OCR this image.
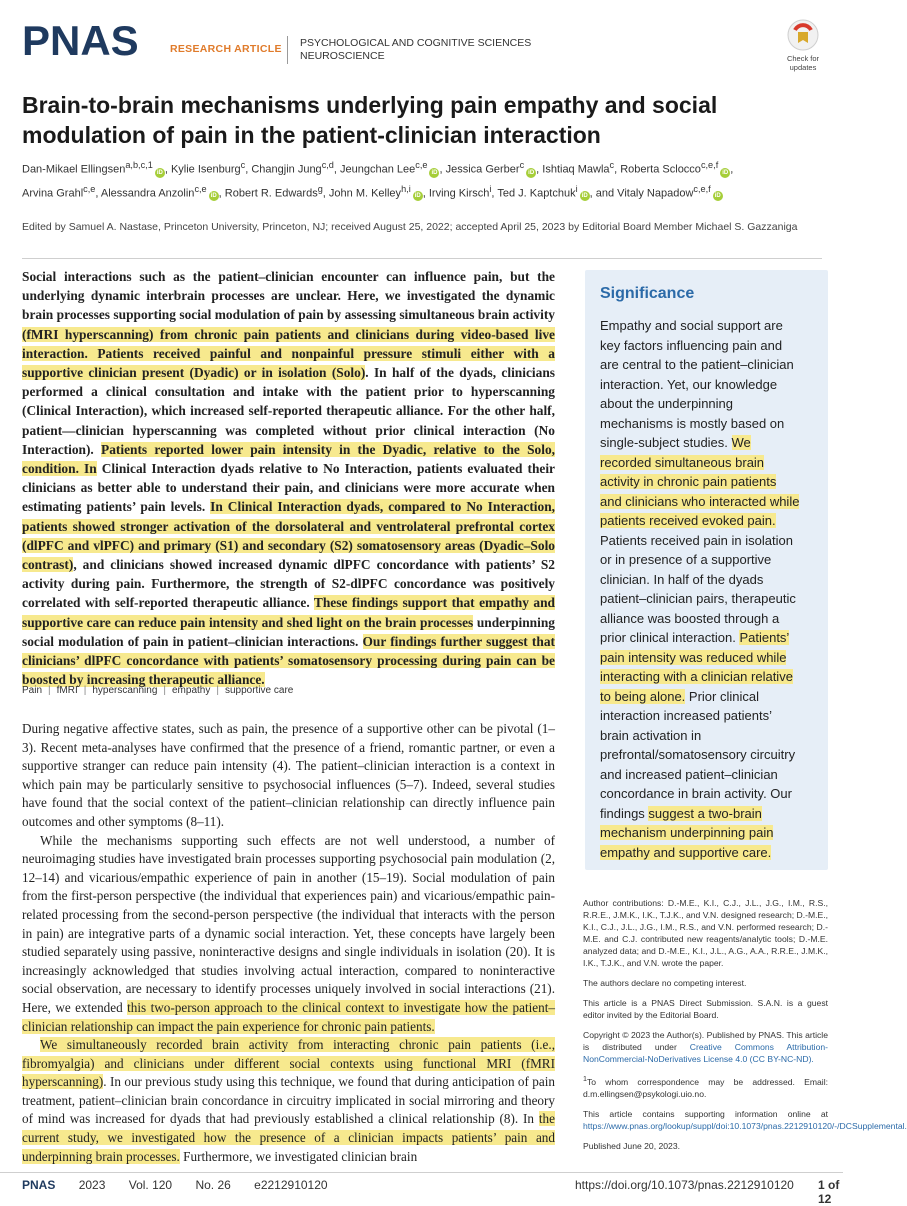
PNAS	RESEARCH ARTICLE PSYCHOLOGICAL AND COGNITIVE SCIENCES
NEUROSCIENCE	Check for
updates
Brain-to-brain mechanisms underlying pain empathy and social
modulation of pain in the patient-clinician interaction
Dan-Mikael Ellingsen$^{a,b,c,1}$iD , Kylie Isenburg$^c$, Changjin Jung$^{c,d}$, Jeungchan Lee$^{c,e}$iD , Jessica Gerber$^c$iD , Ishtiaq Mawla$^c$, Roberta Sclocco$^{c,e,f}$iD ,
Arvina Grahl$^{c,e}$, Alessandra Anzolin$^{c,e}$iD , Robert R. Edwards$^g$, John M. Kelley$^{h,i}$iD , Irving Kirsch$^i$, Ted J. Kaptchuk$^i$iD , and Vitaly Napadow$^{c,e,f}$iD
Edited by Samuel A. Nastase, Princeton University, Princeton, NJ; received August 25, 2022; accepted April 25, 2023 by Editorial Board Member Michael S. Gazzaniga
Social interactions such as the patient–clinician encounter can influence pain, but the underlying dynamic interbrain processes are unclear. Here, we investigated the dynamic brain processes supporting social modulation of pain by assessing simultaneous brain activity (fMRI hyperscanning) from chronic pain patients and clinicians during video-based live interaction. Patients received painful and nonpainful pressure stimuli either with a supportive clinician present (Dyadic) or in isolation (Solo). In half of the dyads, clinicians performed a clinical consultation and intake with the patient prior to hyperscanning (Clinical Interaction), which increased self-reported therapeutic alliance. For the other half, patient—clinician hyperscanning was completed without prior clinical interaction (No Interaction). Patients reported lower pain intensity in the Dyadic, relative to the Solo, condition. In Clinical Interaction dyads relative to No Interaction, patients evaluated their clinicians as better able to understand their pain, and clinicians were more accurate when estimating patients’ pain levels. In Clinical Interaction dyads, compared to No Interaction, patients showed stronger activation of the dorsolateral and ventrolateral prefrontal cortex (dlPFC and vlPFC) and primary (S1) and secondary (S2) somatosensory areas (Dyadic–Solo contrast), and clinicians showed increased dynamic dlPFC concordance with patients’ S2 activity during pain. Furthermore, the strength of S2-dlPFC concordance was positively correlated with self-reported therapeutic alliance. These findings support that empathy and supportive care can reduce pain intensity and shed light on the brain processes underpinning social modulation of pain in patient–clinician interactions. Our findings further suggest that clinicians’ dlPFC concordance with patients’ somatosensory processing during pain can be boosted by increasing therapeutic alliance.
Pain | fMRI | hyperscanning | empathy | supportive care

During negative affective states, such as pain, the presence of a supportive other can be pivotal (1–3). Recent meta-analyses have confirmed that the presence of a friend, romantic partner, or even a supportive stranger can reduce pain intensity (4). The patient–clinician interaction is a context in which pain may be particularly sensitive to psychosocial influences (5–7). Indeed, several studies have found that the social context of the patient–clinician relationship can directly influence pain outcomes and other symptoms (8–11).

While the mechanisms supporting such effects are not well understood, a number of neuroimaging studies have investigated brain processes supporting psychosocial pain modulation (2, 12–14) and vicarious/empathic experience of pain in another (15–19). Social modulation of pain from the first-person perspective (the individual that experiences pain) and vicarious/empathic pain-related processing from the second-person perspective (the individual that interacts with the person in pain) are integrative parts of a dynamic social interaction. Yet, these concepts have largely been studied separately using passive, noninteractive designs and single individuals in isolation (20). It is increasingly acknowledged that studies involving actual interaction, compared to noninteractive social observation, are necessary to identify processes uniquely involved in social interactions (21). Here, we extended this two-person approach to the clinical context to investigate how the patient–clinician relationship can impact the pain experience for chronic pain patients.

We simultaneously recorded brain activity from interacting chronic pain patients (i.e., fibromyalgia) and clinicians under different social contexts using functional MRI (fMRI hyperscanning). In our previous study using this technique, we found that during anticipation of pain treatment, patient–clinician brain concordance in circuitry implicated in social mirroring and theory of mind was increased for dyads that had previously established a clinical relationship (8). In the current study, we investigated how the presence of a clinician impacts patients’ pain and underpinning brain processes. Furthermore, we investigated clinician brain

Significance
Empathy and social support are key factors influencing pain and are central to the patient–clinician interaction. Yet, our knowledge about the underpinning mechanisms is mostly based on single-subject studies. We recorded simultaneous brain activity in chronic pain patients and clinicians who interacted while patients received evoked pain. Patients received pain in isolation or in presence of a supportive clinician. In half of the dyads patient–clinician pairs, therapeutic alliance was boosted through a prior clinical interaction. Patients’ pain intensity was reduced while interacting with a clinician relative to being alone. Prior clinical interaction increased patients’ brain activation in prefrontal/somatosensory circuitry and increased patient–clinician concordance in brain activity. Our findings suggest a two-brain mechanism underpinning pain empathy and supportive care.

Author contributions: D.-M.E., K.I., C.J., J.L., J.G., I.M., R.S., R.R.E., J.M.K., I.K., T.J.K., and V.N. designed research; D.-M.E., K.I., C.J., J.L., J.G., I.M., R.S., and V.N. performed research; D.-M.E. and C.J. contributed new reagents/analytic tools; D.-M.E. analyzed data; and D.-M.E., K.I., J.L., A.G., A.A., R.R.E., J.M.K., I.K., T.J.K., and V.N. wrote the paper.

The authors declare no competing interest.

This article is a PNAS Direct Submission. S.A.N. is a guest editor invited by the Editorial Board.

Copyright © 2023 the Author(s). Published by PNAS. This article is distributed under Creative Commons Attribution-NonCommercial-NoDerivatives License 4.0 (CC BY-NC-ND).

$^1$To whom correspondence may be addressed. Email: d.m.ellingsen@psykologi.uio.no.

This article contains supporting information online at https://www.pnas.org/lookup/suppl/doi:10.1073/pnas.2212910120/-/DCSupplemental.

Published June 20, 2023.

PNAS 2023 Vol. 120 No. 26 e2212910120	https://doi.org/10.1073/pnas.2212910120 1 of 12
